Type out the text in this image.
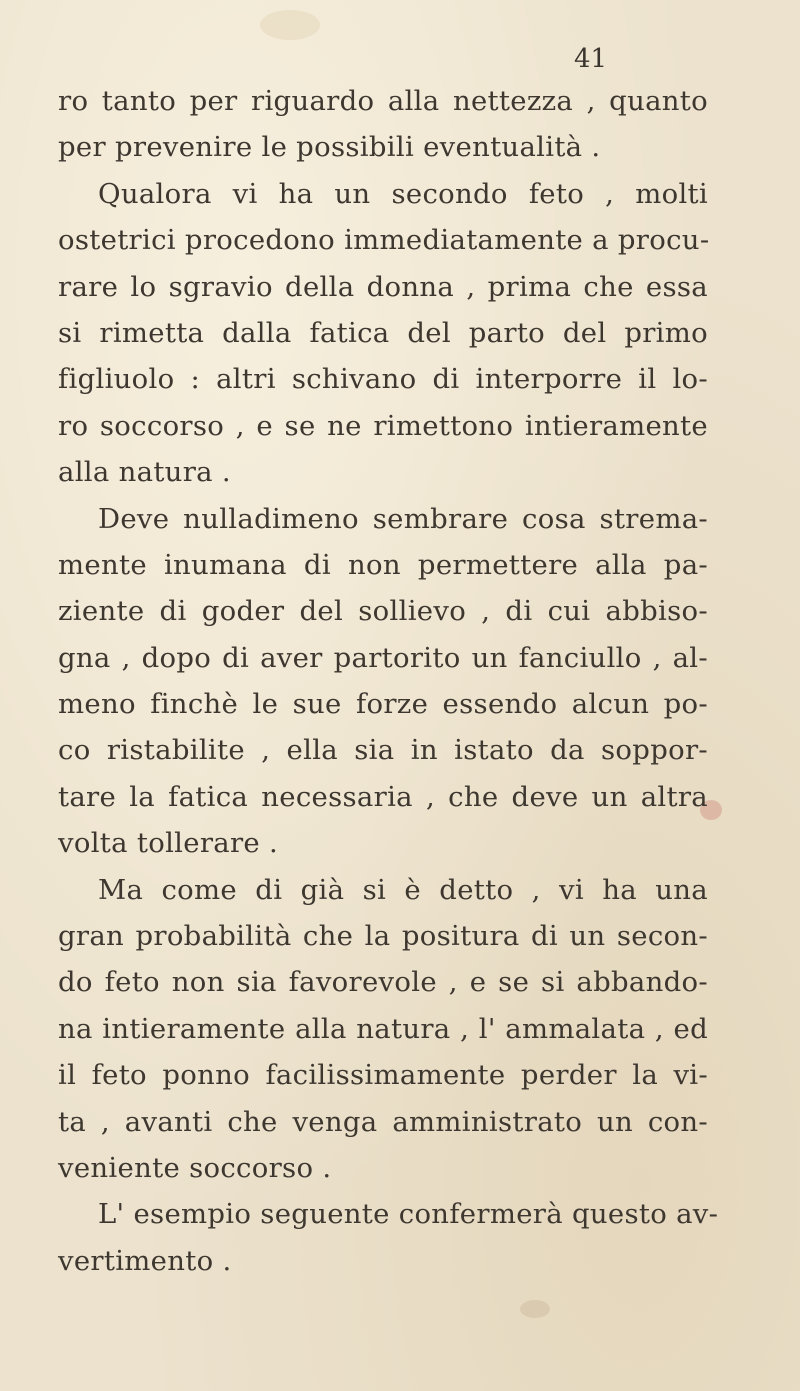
41
ro tanto per riguardo alla nettezza , quanto
per prevenire le possibili eventualità .
Qualora vi ha un secondo feto , molti
ostetrici procedono immediatamente a procu-
rare lo sgravio della donna , prima che essa
si rimetta dalla fatica del parto del primo
figliuolo : altri schivano di interporre il lo-
ro soccorso , e se ne rimettono intieramente
alla natura .
Deve nulladimeno sembrare cosa strema-
mente inumana di non permettere alla pa-
ziente di goder del sollievo , di cui abbiso-
gna , dopo di aver partorito un fanciullo , al-
meno finchè le sue forze essendo alcun po-
co ristabilite , ella sia in istato da soppor-
tare la fatica necessaria , che deve un altra
volta tollerare .
Ma come di già si è detto , vi ha una
gran probabilità che la positura di un secon-
do feto non sia favorevole , e se si abbando-
na intieramente alla natura , l' ammalata , ed
il feto ponno facilissimamente perder la vi-
ta , avanti che venga amministrato un con-
veniente soccorso .
L' esempio seguente confermerà questo av-
vertimento .
